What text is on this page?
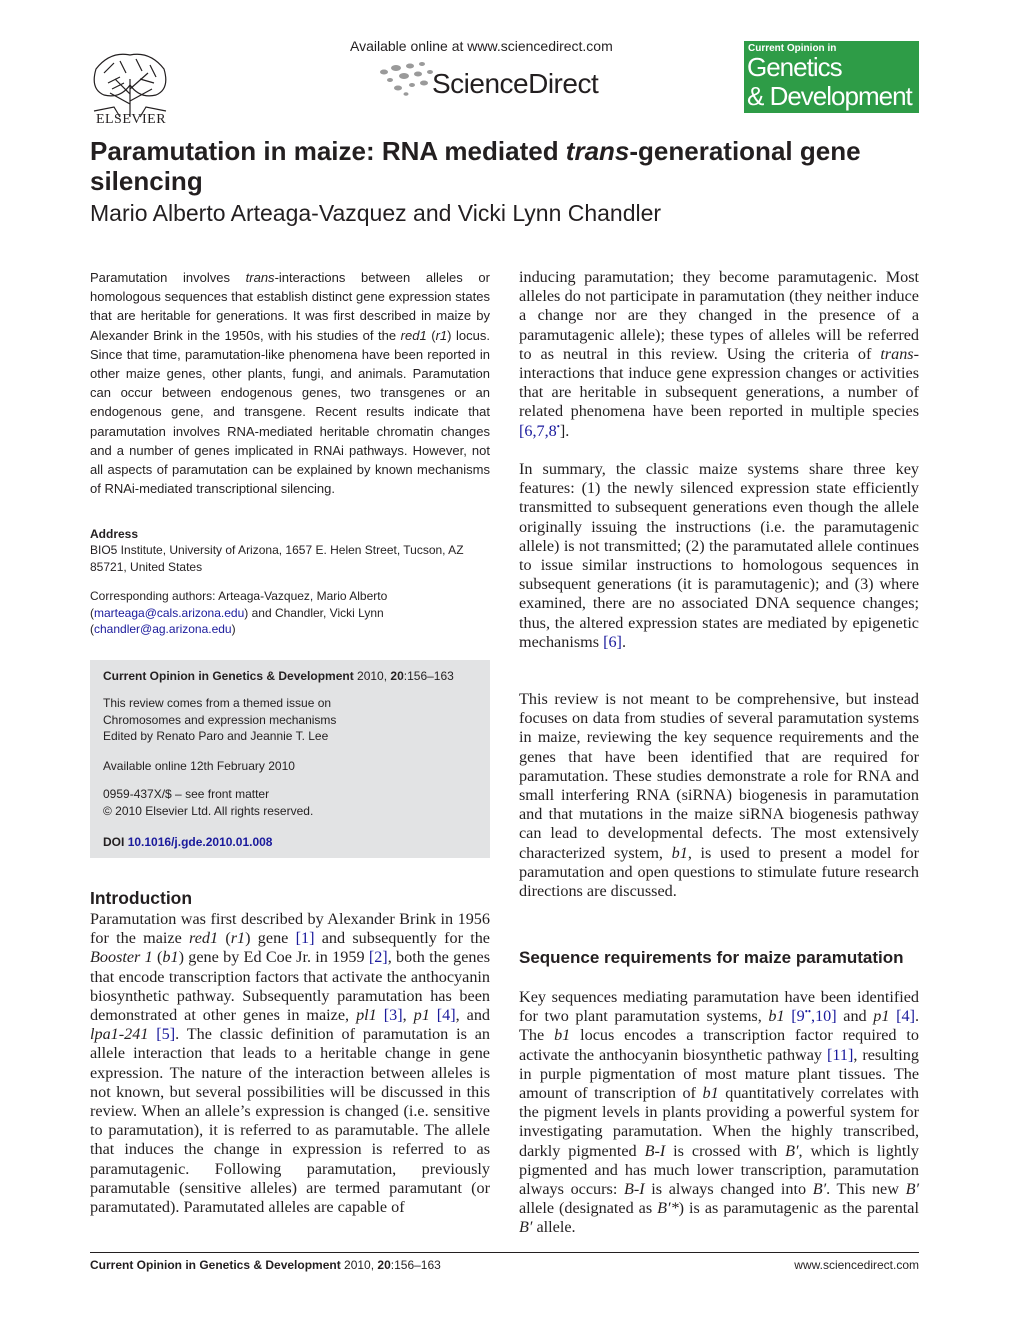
ELSEVIER
Available online at www.sciencedirect.com
ScienceDirect
Current Opinion in
Genetics
& Development
Paramutation in maize: RNA mediated trans-generational gene silencing
Mario Alberto Arteaga-Vazquez and Vicki Lynn Chandler
Paramutation involves trans-interactions between alleles or homologous sequences that establish distinct gene expression states that are heritable for generations. It was first described in maize by Alexander Brink in the 1950s, with his studies of the red1 (r1) locus. Since that time, paramutation-like phenomena have been reported in other maize genes, other plants, fungi, and animals. Paramutation can occur between endogenous genes, two transgenes or an endogenous gene, and transgene. Recent results indicate that paramutation involves RNA-mediated heritable chromatin changes and a number of genes implicated in RNAi pathways. However, not all aspects of paramutation can be explained by known mechanisms of RNAi-mediated transcriptional silencing.
Address
BIO5 Institute, University of Arizona, 1657 E. Helen Street, Tucson, AZ 85721, United States
Corresponding authors: Arteaga-Vazquez, Mario Alberto
(marteaga@cals.arizona.edu) and Chandler, Vicki Lynn
(chandler@ag.arizona.edu)
Current Opinion in Genetics & Development 2010, 20:156–163
This review comes from a themed issue on
Chromosomes and expression mechanisms
Edited by Renato Paro and Jeannie T. Lee
Available online 12th February 2010
0959-437X/$ – see front matter
© 2010 Elsevier Ltd. All rights reserved.
DOI 10.1016/j.gde.2010.01.008
Introduction
Paramutation was first described by Alexander Brink in 1956 for the maize red1 (r1) gene [1] and subsequently for the Booster 1 (b1) gene by Ed Coe Jr. in 1959 [2], both the genes that encode transcription factors that activate the anthocyanin biosynthetic pathway. Subsequently paramutation has been demonstrated at other genes in maize, pl1 [3], p1 [4], and lpa1-241 [5]. The classic definition of paramutation is an allele interaction that leads to a heritable change in gene expression. The nature of the interaction between alleles is not known, but several possibilities will be discussed in this review. When an allele’s expression is changed (i.e. sensitive to paramutation), it is referred to as paramutable. The allele that induces the change in expression is referred to as paramutagenic. Following paramutation, previously paramutable (sensitive alleles) are termed paramutant (or paramutated). Paramutated alleles are capable of
inducing paramutation; they become paramutagenic. Most alleles do not participate in paramutation (they neither induce a change nor are they changed in the presence of a paramutagenic allele); these types of alleles will be referred to as neutral in this review. Using the criteria of trans-interactions that induce gene expression changes or activities that are heritable in subsequent generations, a number of related phenomena have been reported in multiple species [6,7,8•].
In summary, the classic maize systems share three key features: (1) the newly silenced expression state efficiently transmitted to subsequent generations even though the allele originally issuing the instructions (i.e. the paramutagenic allele) is not transmitted; (2) the paramutated allele continues to issue similar instructions to homologous sequences in subsequent generations (it is paramutagenic); and (3) where examined, there are no associated DNA sequence changes; thus, the altered expression states are mediated by epigenetic mechanisms [6].
This review is not meant to be comprehensive, but instead focuses on data from studies of several paramutation systems in maize, reviewing the key sequence requirements and the genes that have been identified that are required for paramutation. These studies demonstrate a role for RNA and small interfering RNA (siRNA) biogenesis in paramutation and that mutations in the maize siRNA biogenesis pathway can lead to developmental defects. The most extensively characterized system, b1, is used to present a model for paramutation and open questions to stimulate future research directions are discussed.
Sequence requirements for maize paramutation
Key sequences mediating paramutation have been identified for two plant paramutation systems, b1 [9••,10] and p1 [4]. The b1 locus encodes a transcription factor required to activate the anthocyanin biosynthetic pathway [11], resulting in purple pigmentation of most mature plant tissues. The amount of transcription of b1 quantitatively correlates with the pigment levels in plants providing a powerful system for investigating paramutation. When the highly transcribed, darkly pigmented B-I is crossed with B′, which is lightly pigmented and has much lower transcription, paramutation always occurs: B-I is always changed into B′. This new B′ allele (designated as B′*) is as paramutagenic as the parental B′ allele.
Current Opinion in Genetics & Development 2010, 20:156–163	www.sciencedirect.com
